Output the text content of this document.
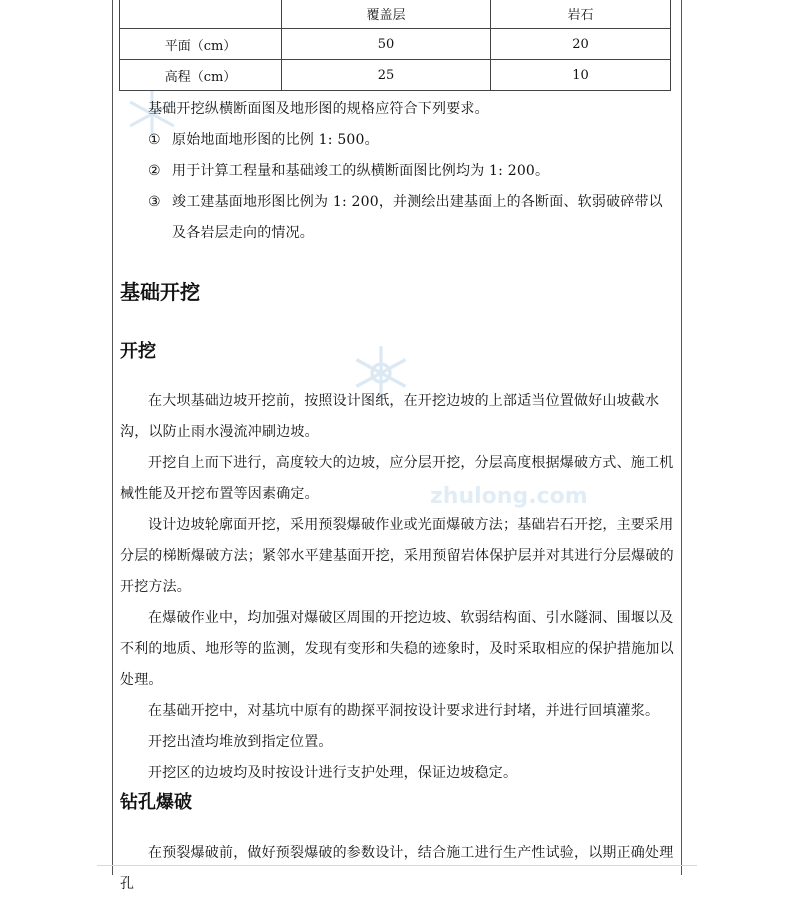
zhulong.com
	覆盖层	岩石
平面（cm）	50	20
高程（cm）	25	10

基础开挖纵横断面图及地形图的规格应符合下列要求。

① 原始地面地形图的比例 1: 500。
② 用于计算工程量和基础竣工的纵横断面图比例均为 1: 200。
③ 竣工建基面地形图比例为 1: 200，并测绘出建基面上的各断面、软弱破碎带以及各岩层走向的情况。
基础开挖
开挖

在大坝基础边坡开挖前，按照设计图纸，在开挖边坡的上部适当位置做好山坡截水沟，以防止雨水漫流冲刷边坡。

开挖自上而下进行，高度较大的边坡，应分层开挖，分层高度根据爆破方式、施工机械性能及开挖布置等因素确定。

设计边坡轮廓面开挖，采用预裂爆破作业或光面爆破方法；基础岩石开挖，主要采用分层的梯断爆破方法；紧邻水平建基面开挖，采用预留岩体保护层并对其进行分层爆破的开挖方法。

在爆破作业中，均加强对爆破区周围的开挖边坡、软弱结构面、引水隧洞、围堰以及不利的地质、地形等的监测，发现有变形和失稳的迹象时，及时采取相应的保护措施加以处理。

在基础开挖中，对基坑中原有的勘探平洞按设计要求进行封堵，并进行回填灌浆。

开挖出渣均堆放到指定位置。

开挖区的边坡均及时按设计进行支护处理，保证边坡稳定。

钻孔爆破

在预裂爆破前，做好预裂爆破的参数设计，结合施工进行生产性试验，以期正确处理孔
